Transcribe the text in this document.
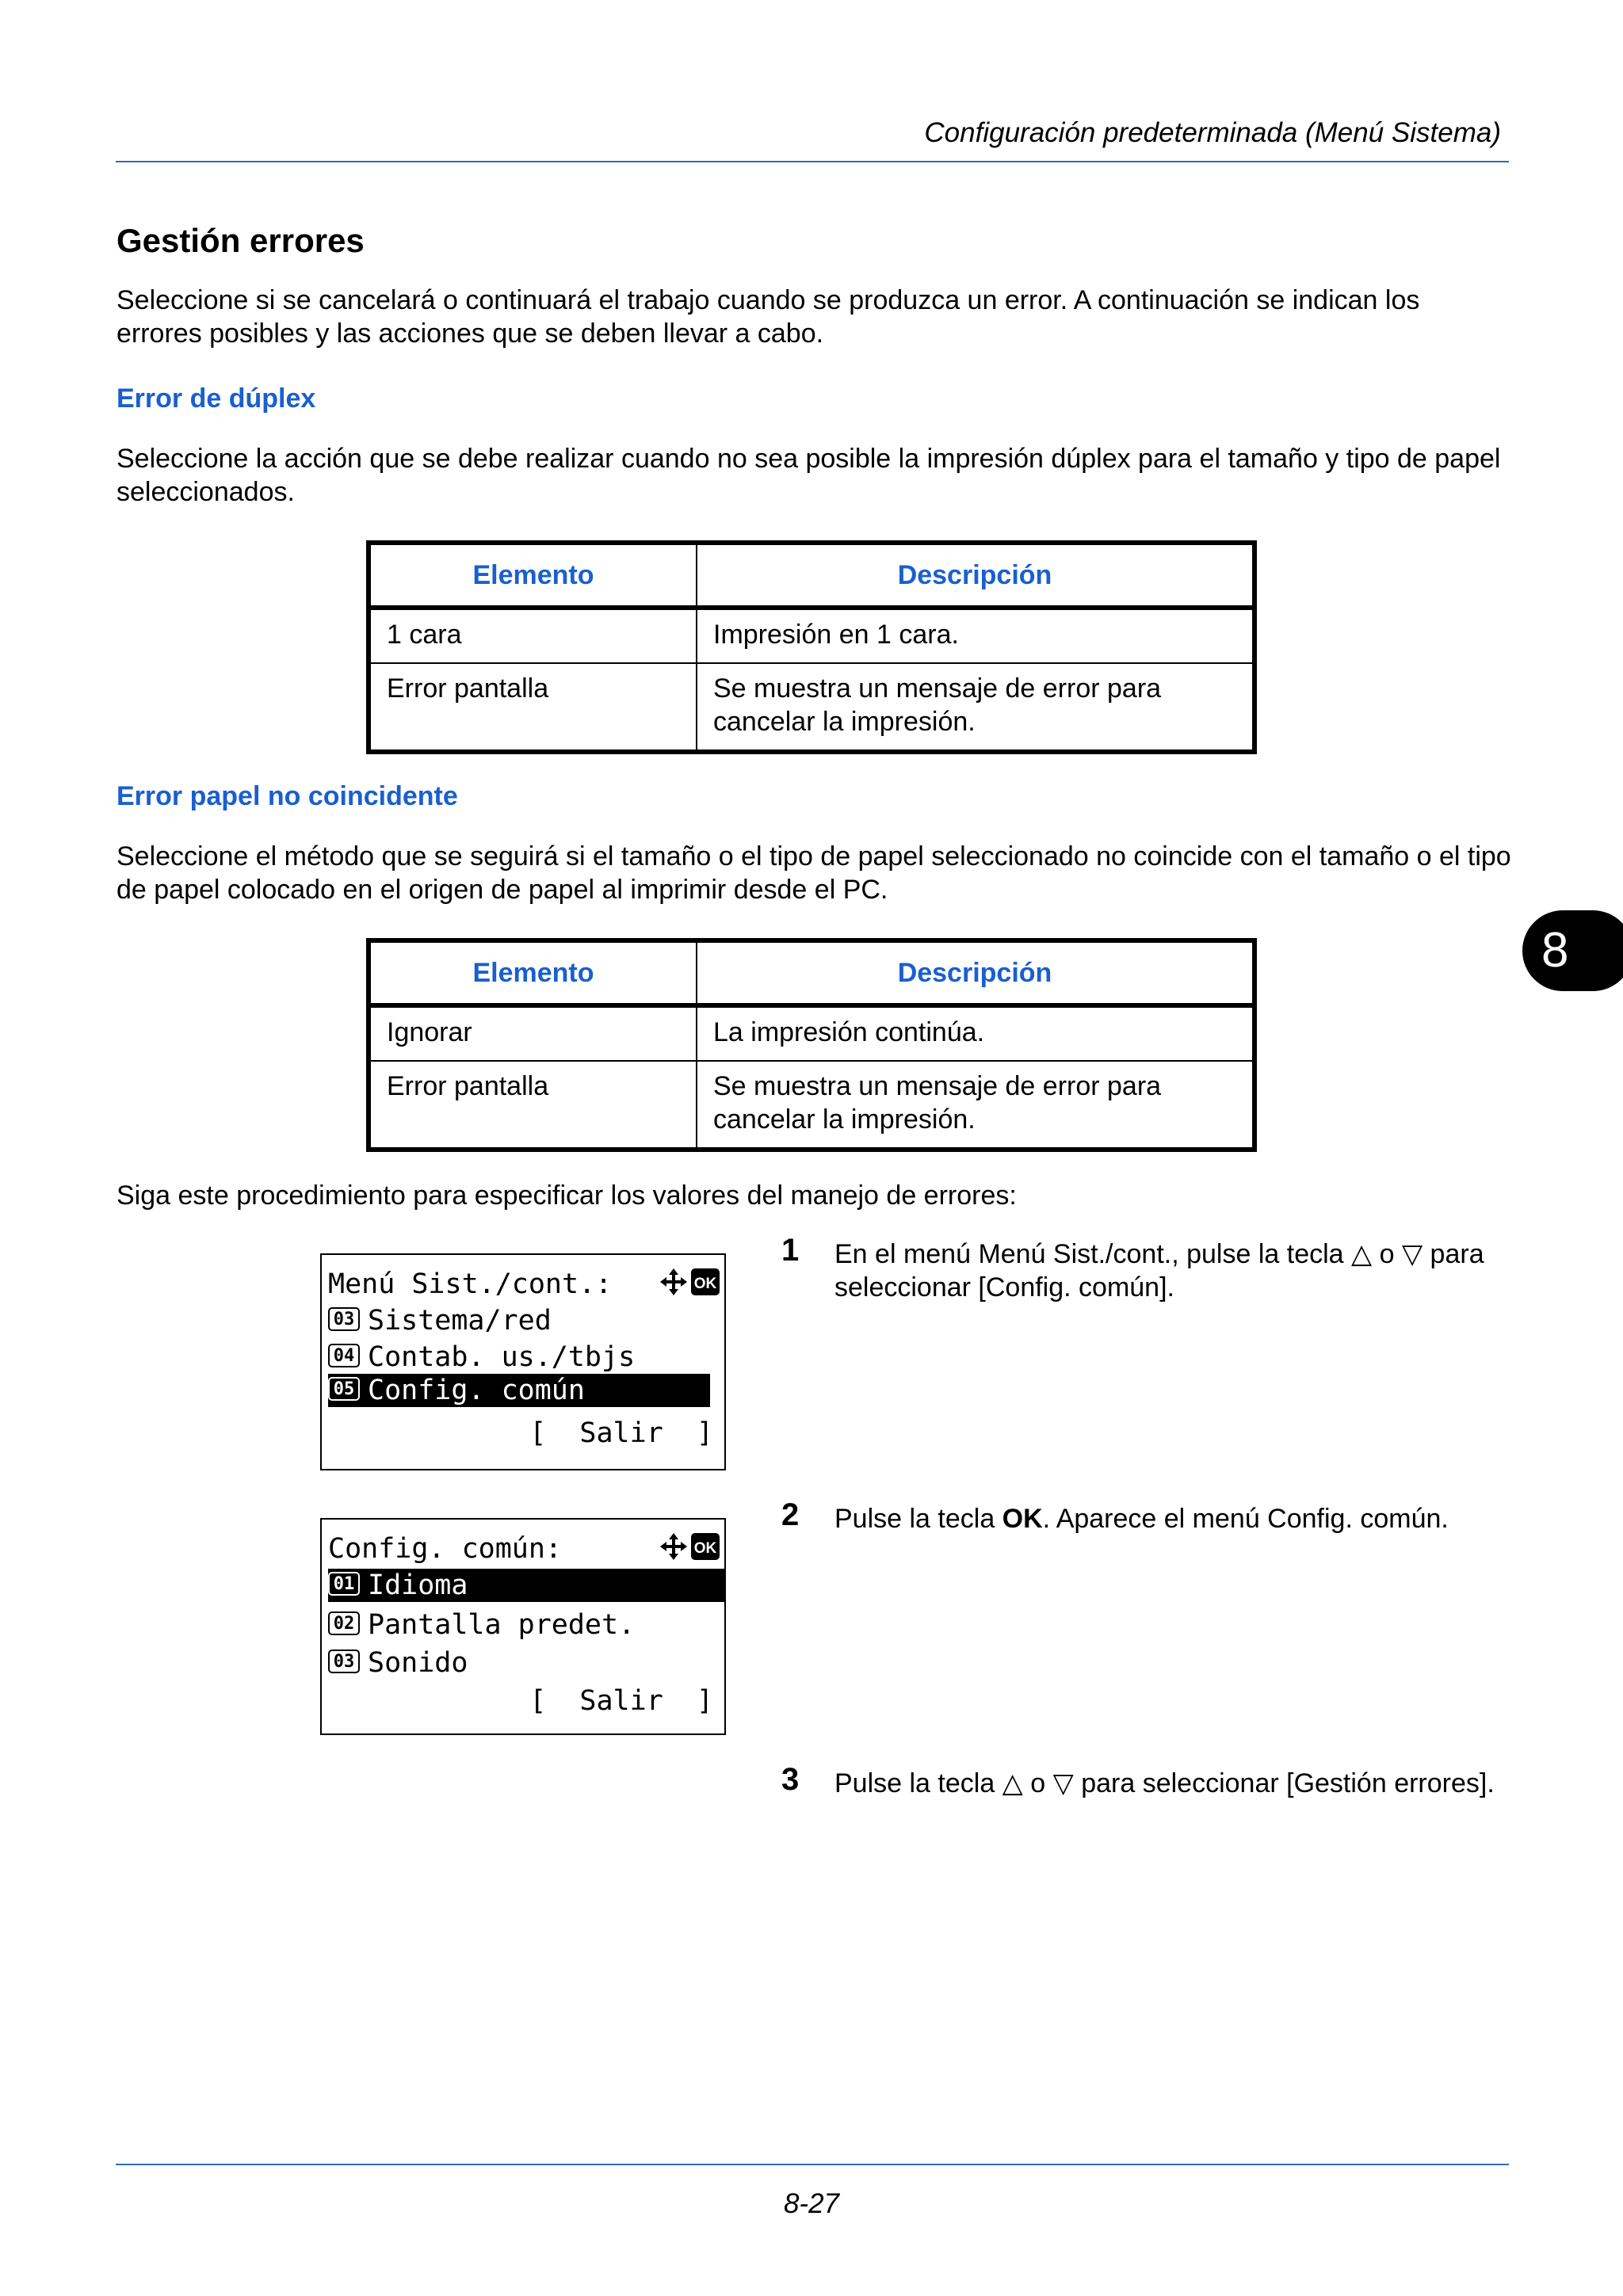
Configuración predeterminada (Menú Sistema)
Gestión errores
Seleccione si se cancelará o continuará el trabajo cuando se produzca un error. A continuación se indican los errores posibles y las acciones que se deben llevar a cabo.
Error de dúplex
Seleccione la acción que se debe realizar cuando no sea posible la impresión dúplex para el tamaño y tipo de papel seleccionados.
Elemento	Descripción
1 cara	Impresión en 1 cara.
Error pantalla	Se muestra un mensaje de error para cancelar la impresión.
Error papel no coincidente
Seleccione el método que se seguirá si el tamaño o el tipo de papel seleccionado no coincide con el tamaño o el tipo de papel colocado en el origen de papel al imprimir desde el PC.
Elemento	Descripción
Ignorar	La impresión continúa.
Error pantalla	Se muestra un mensaje de error para cancelar la impresión.
8
Siga este procedimiento para especificar los valores del manejo de errores:
Menú Sist./cont.:	OK
03 Sistema/red
04 Contab. us./tbjs
05 Config. común
[  Salir  ]
Config. común:	OK
01 Idioma
02 Pantalla predet.
03 Sonido
[  Salir  ]
1 En el menú Menú Sist./cont., pulse la tecla △ o ▽ para seleccionar [Config. común].
2 Pulse la tecla OK. Aparece el menú Config. común.
3 Pulse la tecla △ o ▽ para seleccionar [Gestión errores].
8-27
